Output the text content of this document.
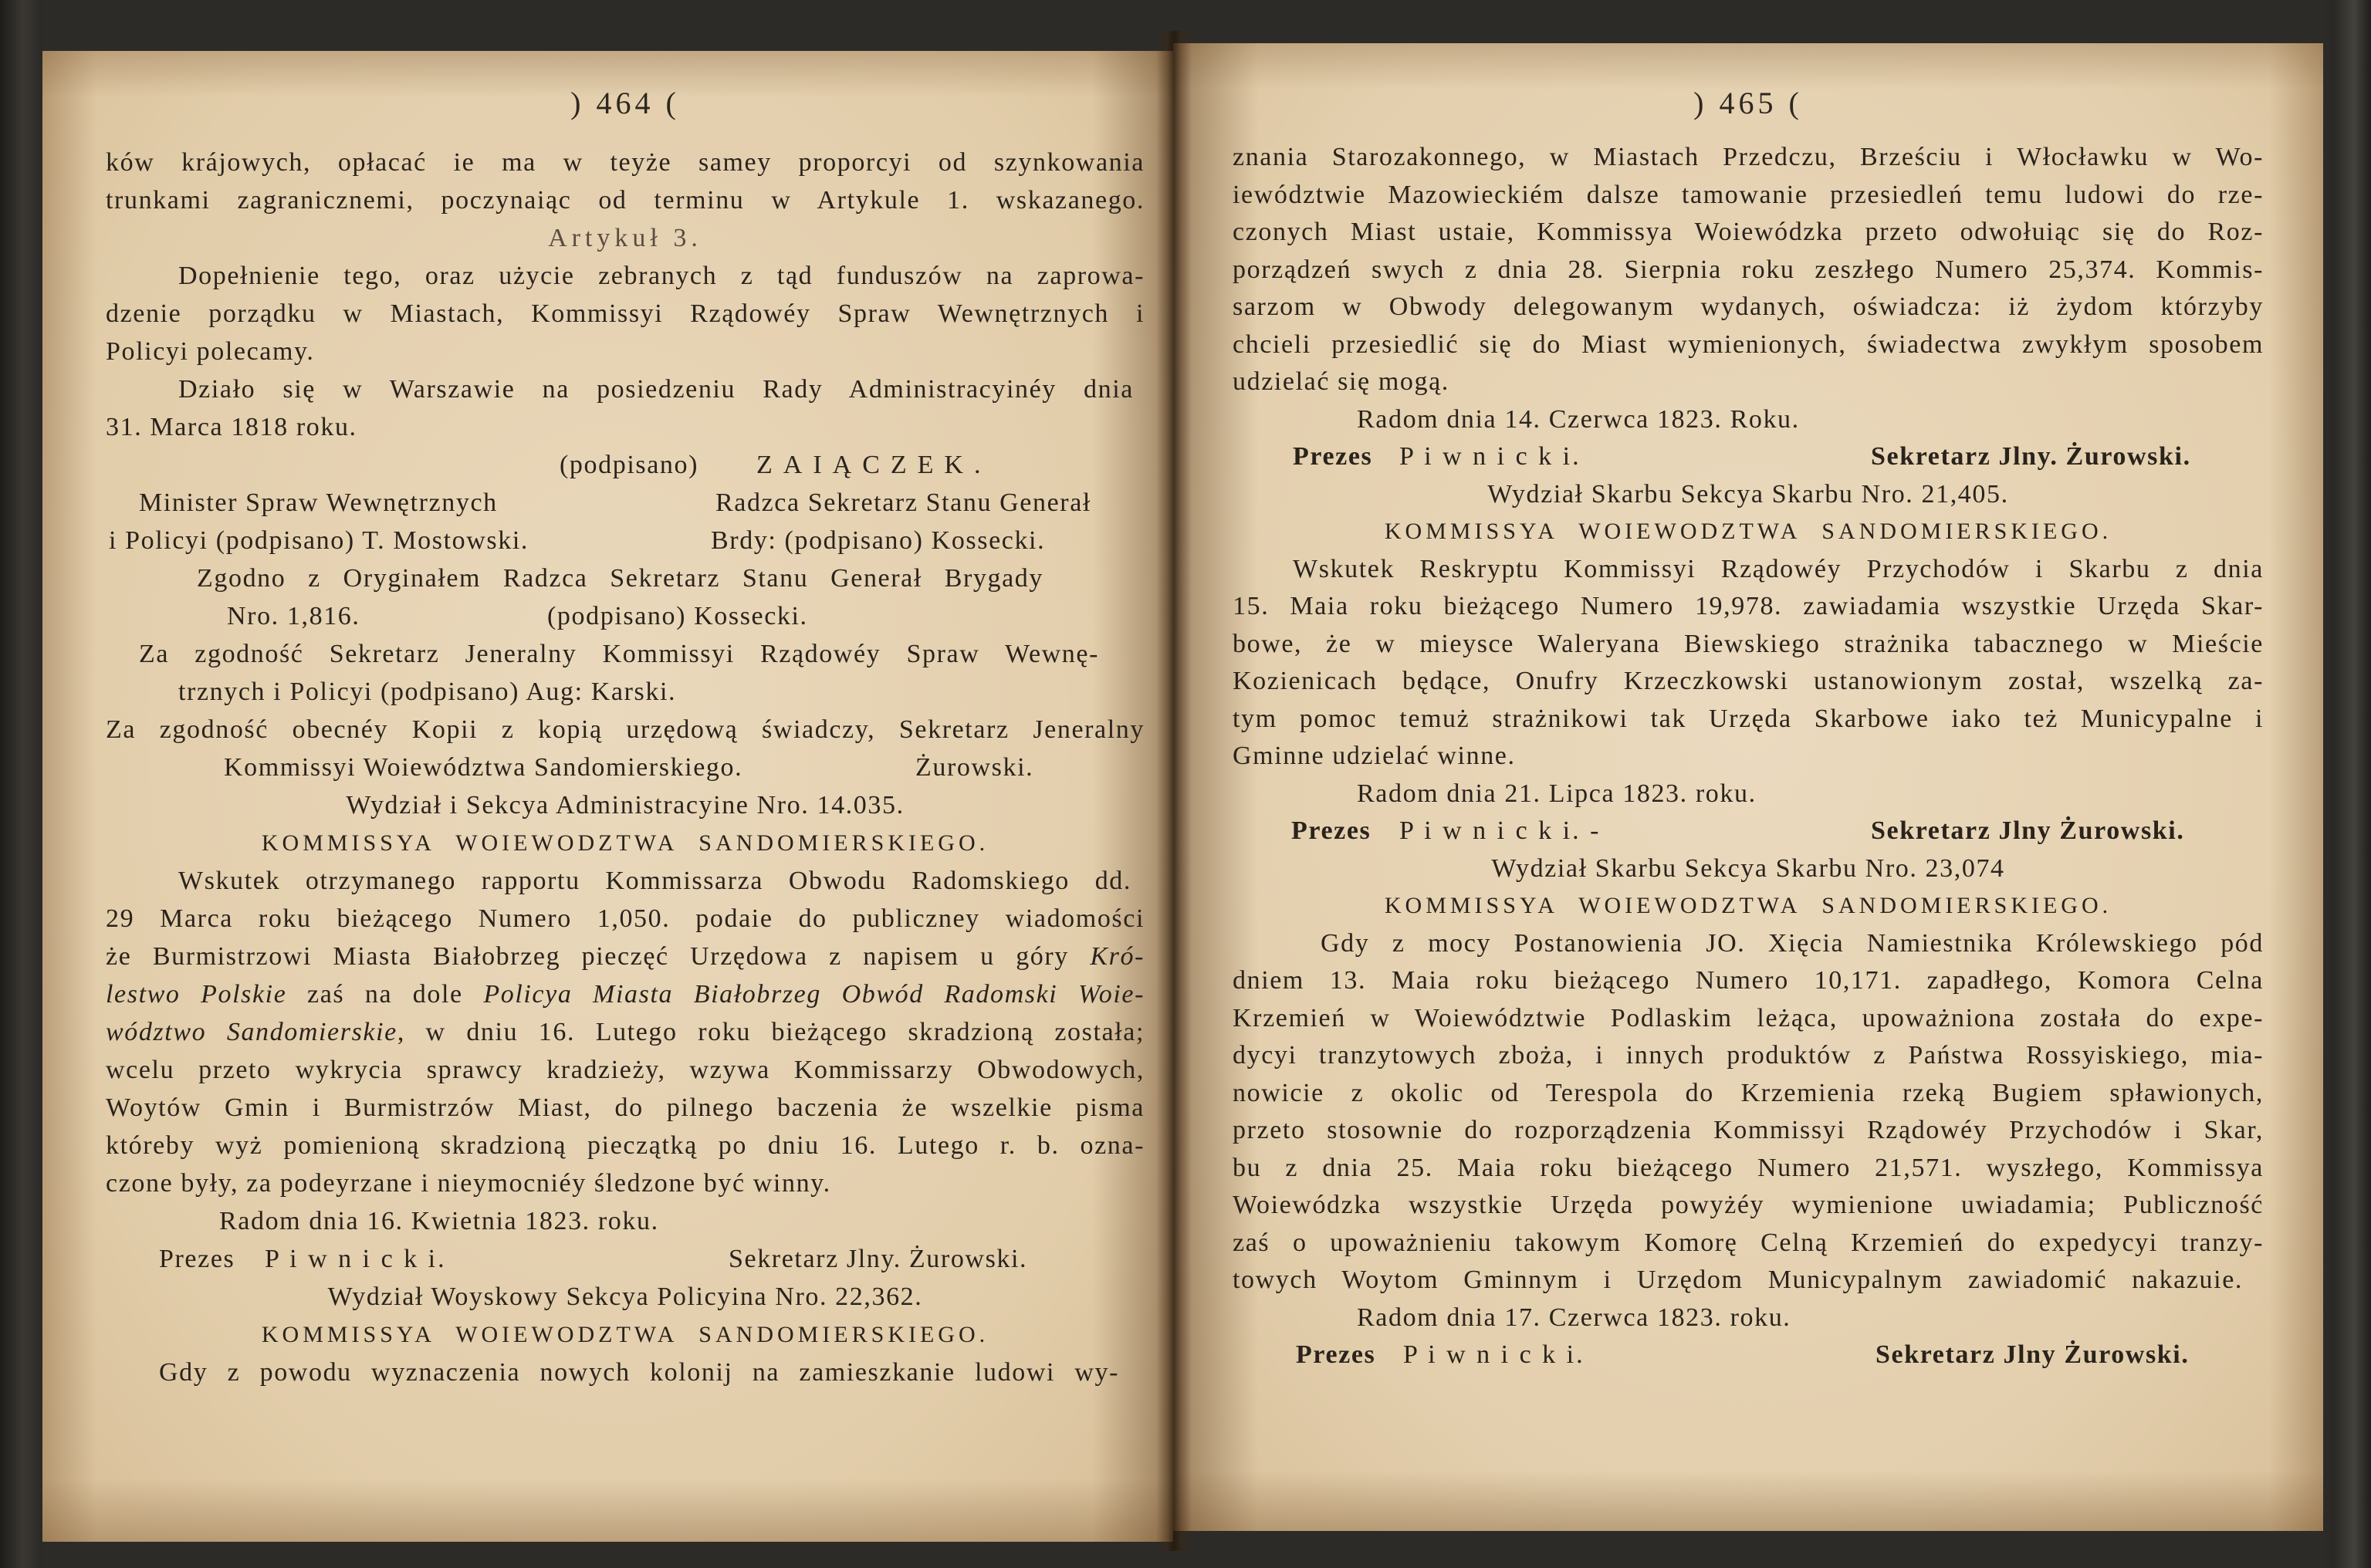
) 464 (
ków krájowych, opłacać ie ma w teyże samey proporcyi od szynkowania
trunkami zagranicznemi, poczynaiąc od terminu w Artykule 1. wskazanego.
Artykuł 3.
Dopełnienie tego, oraz użycie zebranych z tąd funduszów na zaprowa-
dzenie porządku w Miastach, Kommissyi Rządowéy Spraw Wewnętrznych i
Policyi polecamy.
Działo się w Warszawie na posiedzeniu Rady Administracyinéy dnia
31. Marca 1818 roku.
(podpisano) ZAIĄCZEK.
Minister Spraw Wewnętrznych	Radzca Sekretarz Stanu Generał
i Policyi (podpisano) T. Mostowski.	Brdy: (podpisano) Kossecki.
Zgodno z Oryginałem Radzca Sekretarz Stanu Generał Brygady
Nro. 1,816.	(podpisano) Kossecki.
Za zgodność Sekretarz Jeneralny Kommissyi Rządowéy Spraw Wewnę-
trznych i Policyi (podpisano) Aug: Karski.
Za zgodność obecnéy Kopii z kopią urzędową świadczy, Sekretarz Jeneralny
Kommissyi Woiewództwa Sandomierskiego.	Żurowski.
Wydział i Sekcya Administracyine Nro. 14.035.
KOMMISSYA WOIEWODZTWA SANDOMIERSKIEGO.
Wskutek otrzymanego rapportu Kommissarza Obwodu Radomskiego dd.
29 Marca roku bieżącego Numero 1,050. podaie do publiczney wiadomości
że Burmistrzowi Miasta Białobrzeg pieczęć Urzędowa z napisem u góry Kró-
lestwo Polskie zaś na dole Policya Miasta Białobrzeg Obwód Radomski Woie-
wództwo Sandomierskie, w dniu 16. Lutego roku bieżącego skradzioną została;
wcelu przeto wykrycia sprawcy kradzieży, wzywa Kommissarzy Obwodowych,
Woytów Gmin i Burmistrzów Miast, do pilnego baczenia że wszelkie pisma
któreby wyż pomienioną skradzioną pieczątką po dniu 16. Lutego r. b. ozna-
czone były, za podeyrzane i nieymocniéy śledzone być winny.
Radom dnia 16. Kwietnia 1823. roku.
Prezes P i w n i c k i.	Sekretarz Jlny. Żurowski.
Wydział Woyskowy Sekcya Policyina Nro. 22,362.
KOMMISSYA WOIEWODZTWA SANDOMIERSKIEGO.
Gdy z powodu wyznaczenia nowych kolonij na zamieszkanie ludowi wy-
) 465 (
znania Starozakonnego, w Miastach Przedczu, Brześciu i Włocławku w Wo-
iewództwie Mazowieckiém dalsze tamowanie przesiedleń temu ludowi do rze-
czonych Miast ustaie, Kommissya Woiewódzka przeto odwołuiąc się do Roz-
porządzeń swych z dnia 28. Sierpnia roku zeszłego Numero 25,374. Kommis-
sarzom w Obwody delegowanym wydanych, oświadcza: iż żydom którzyby
chcieli przesiedlić się do Miast wymienionych, świadectwa zwykłym sposobem
udzielać się mogą.
Radom dnia 14. Czerwca 1823. Roku.
Prezes P i w n i c k i.	Sekretarz Jlny. Żurowski.
Wydział Skarbu Sekcya Skarbu Nro. 21,405.
KOMMISSYA WOIEWODZTWA SANDOMIERSKIEGO.
Wskutek Reskryptu Kommissyi Rządowéy Przychodów i Skarbu z dnia
15. Maia roku bieżącego Numero 19,978. zawiadamia wszystkie Urzęda Skar-
bowe, że w mieysce Waleryana Biewskiego strażnika tabacznego w Mieście
Kozienicach będące, Onufry Krzeczkowski ustanowionym został, wszelką za-
tym pomoc temuż strażnikowi tak Urzęda Skarbowe iako też Municypalne i
Gminne udzielać winne.
Radom dnia 21. Lipca 1823. roku.
Prezes P i w n i c k i. -	Sekretarz Jlny Żurowski.
Wydział Skarbu Sekcya Skarbu Nro. 23,074
KOMMISSYA WOIEWODZTWA SANDOMIERSKIEGO.
Gdy z mocy Postanowienia JO. Xięcia Namiestnika Królewskiego pód
dniem 13. Maia roku bieżącego Numero 10,171. zapadłego, Komora Celna
Krzemień w Woiewództwie Podlaskim leżąca, upoważniona została do expe-
dycyi tranzytowych zboża, i innych produktów z Państwa Rossyiskiego, mia-
nowicie z okolic od Terespola do Krzemienia rzeką Bugiem spławionych,
przeto stosownie do rozporządzenia Kommissyi Rządowéy Przychodów i Skar,
bu z dnia 25. Maia roku bieżącego Numero 21,571. wyszłego, Kommissya
Woiewódzka wszystkie Urzęda powyżéy wymienione uwiadamia; Publiczność
zaś o upoważnieniu takowym Komorę Celną Krzemień do expedycyi tranzy-
towych Woytom Gminnym i Urzędom Municypalnym zawiadomić nakazuie.
Radom dnia 17. Czerwca 1823. roku.
Prezes P i w n i c k i.	Sekretarz Jlny Żurowski.
